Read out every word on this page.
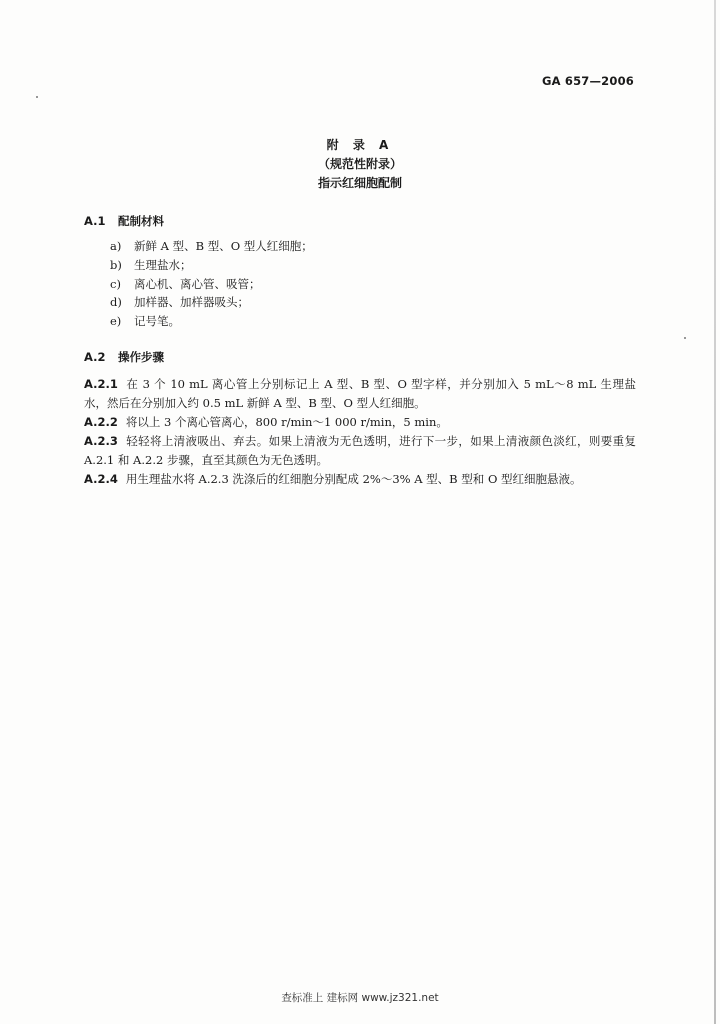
GA 657—2006
附 录 A
（规范性附录）
指示红细胞配制
A.1 配制材料
a) 新鲜 A 型、B 型、O 型人红细胞；
b) 生理盐水；
c) 离心机、离心管、吸管；
d) 加样器、加样器吸头；
e) 记号笔。
A.2 操作步骤
A.2.1 在 3 个 10 mL 离心管上分别标记上 A 型、B 型、O 型字样，并分别加入 5 mL～8 mL 生理盐水，然后在分别加入约 0.5 mL 新鲜 A 型、B 型、O 型人红细胞。
A.2.2 将以上 3 个离心管离心，800 r/min～1 000 r/min，5 min。
A.2.3 轻轻将上清液吸出、弃去。如果上清液为无色透明，进行下一步，如果上清液颜色淡红，则要重复 A.2.1 和 A.2.2 步骤，直至其颜色为无色透明。
A.2.4 用生理盐水将 A.2.3 洗涤后的红细胞分别配成 2%～3% A 型、B 型和 O 型红细胞悬液。
查标准上 建标网 www.jz321.net
